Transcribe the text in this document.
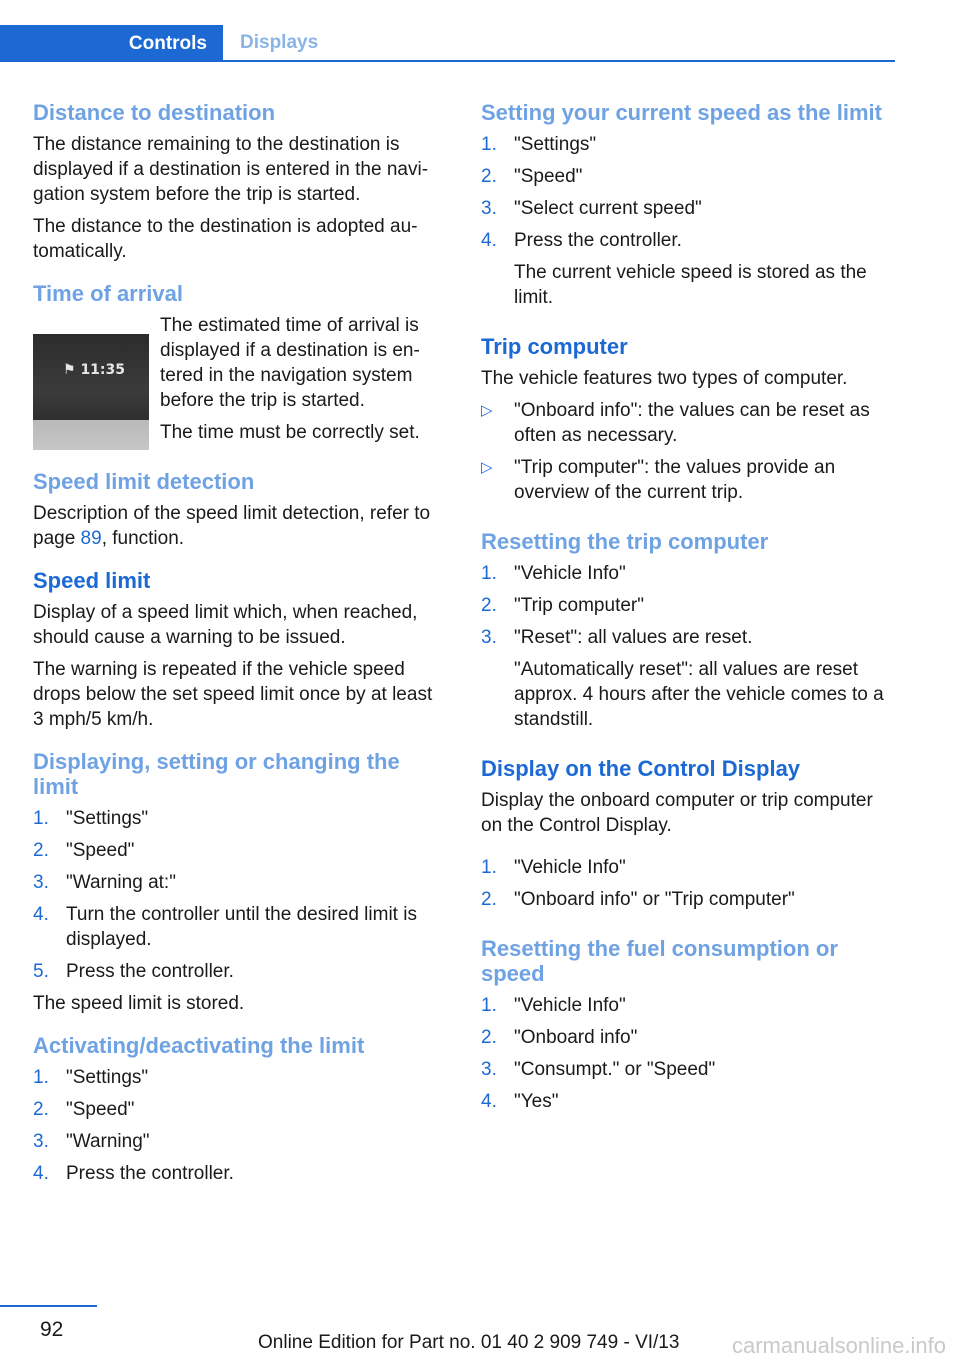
Controls	Displays
Distance to destination

The distance remaining to the destination is displayed if a destination is entered in the navigation system before the trip is started.

The distance to the destination is adopted automatically.

Time of arrival
⚑ 11:35

The estimated time of arrival is displayed if a destination is entered in the navigation system before the trip is started.

The time must be correctly set.

Speed limit detection

Description of the speed limit detection, refer to page 89, function.

Speed limit

Display of a speed limit which, when reached, should cause a warning to be issued.

The warning is repeated if the vehicle speed drops below the set speed limit once by at least 3 mph/5 km/h.

Displaying, setting or changing the limit
1. "Settings"
2. "Speed"
3. "Warning at:"
4. Turn the controller until the desired limit is displayed.
5. Press the controller.

The speed limit is stored.

Activating/deactivating the limit
1. "Settings"
2. "Speed"
3. "Warning"
4. Press the controller.
Setting your current speed as the limit
1. "Settings"
2. "Speed"
3. "Select current speed"
4. Press the controller.
The current vehicle speed is stored as the limit.
Trip computer

The vehicle features two types of computer.

▷ "Onboard info": the values can be reset as often as necessary.
▷ "Trip computer": the values provide an overview of the current trip.
Resetting the trip computer
1. "Vehicle Info"
2. "Trip computer"
3. "Reset": all values are reset.
"Automatically reset": all values are reset approx. 4 hours after the vehicle comes to a standstill.
Display on the Control Display

Display the onboard computer or trip computer on the Control Display.

1. "Vehicle Info"
2. "Onboard info" or "Trip computer"
Resetting the fuel consumption or speed
1. "Vehicle Info"
2. "Onboard info"
3. "Consumpt." or "Speed"
4. "Yes"
92
Online Edition for Part no. 01 40 2 909 749 - VI/13 carmanualsonline.info
